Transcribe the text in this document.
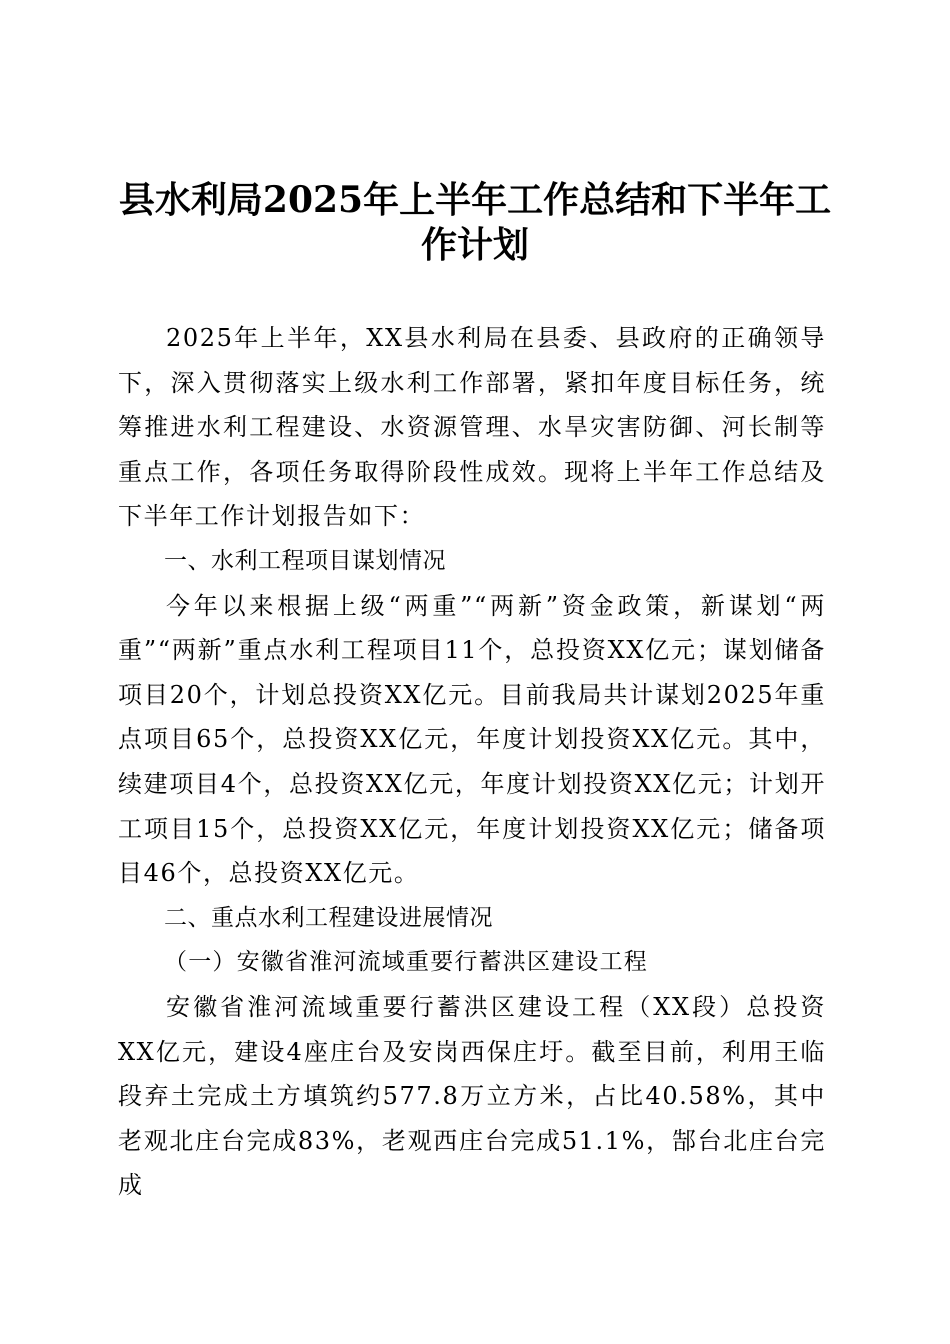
县水利局2025年上半年工作总结和下半年工作计划

2025年上半年，XX县水利局在县委、县政府的正确领导下，深入贯彻落实上级水利工作部署，紧扣年度目标任务，统筹推进水利工程建设、水资源管理、水旱灾害防御、河长制等重点工作，各项任务取得阶段性成效。现将上半年工作总结及下半年工作计划报告如下：

一、水利工程项目谋划情况

今年以来根据上级“两重”“两新”资金政策，新谋划“两重”“两新”重点水利工程项目11个，总投资XX亿元；谋划储备项目20个，计划总投资XX亿元。目前我局共计谋划2025年重点项目65个，总投资XX亿元，年度计划投资XX亿元。其中，续建项目4个，总投资XX亿元，年度计划投资XX亿元；计划开工项目15个，总投资XX亿元，年度计划投资XX亿元；储备项目46个，总投资XX亿元。

二、重点水利工程建设进展情况
（一）安徽省淮河流域重要行蓄洪区建设工程

安徽省淮河流域重要行蓄洪区建设工程（XX段）总投资XX亿元，建设4座庄台及安岗西保庄圩。截至目前，利用王临段弃土完成土方填筑约577.8万立方米，占比40.58%，其中老观北庄台完成83%，老观西庄台完成51.1%，郜台北庄台完成
